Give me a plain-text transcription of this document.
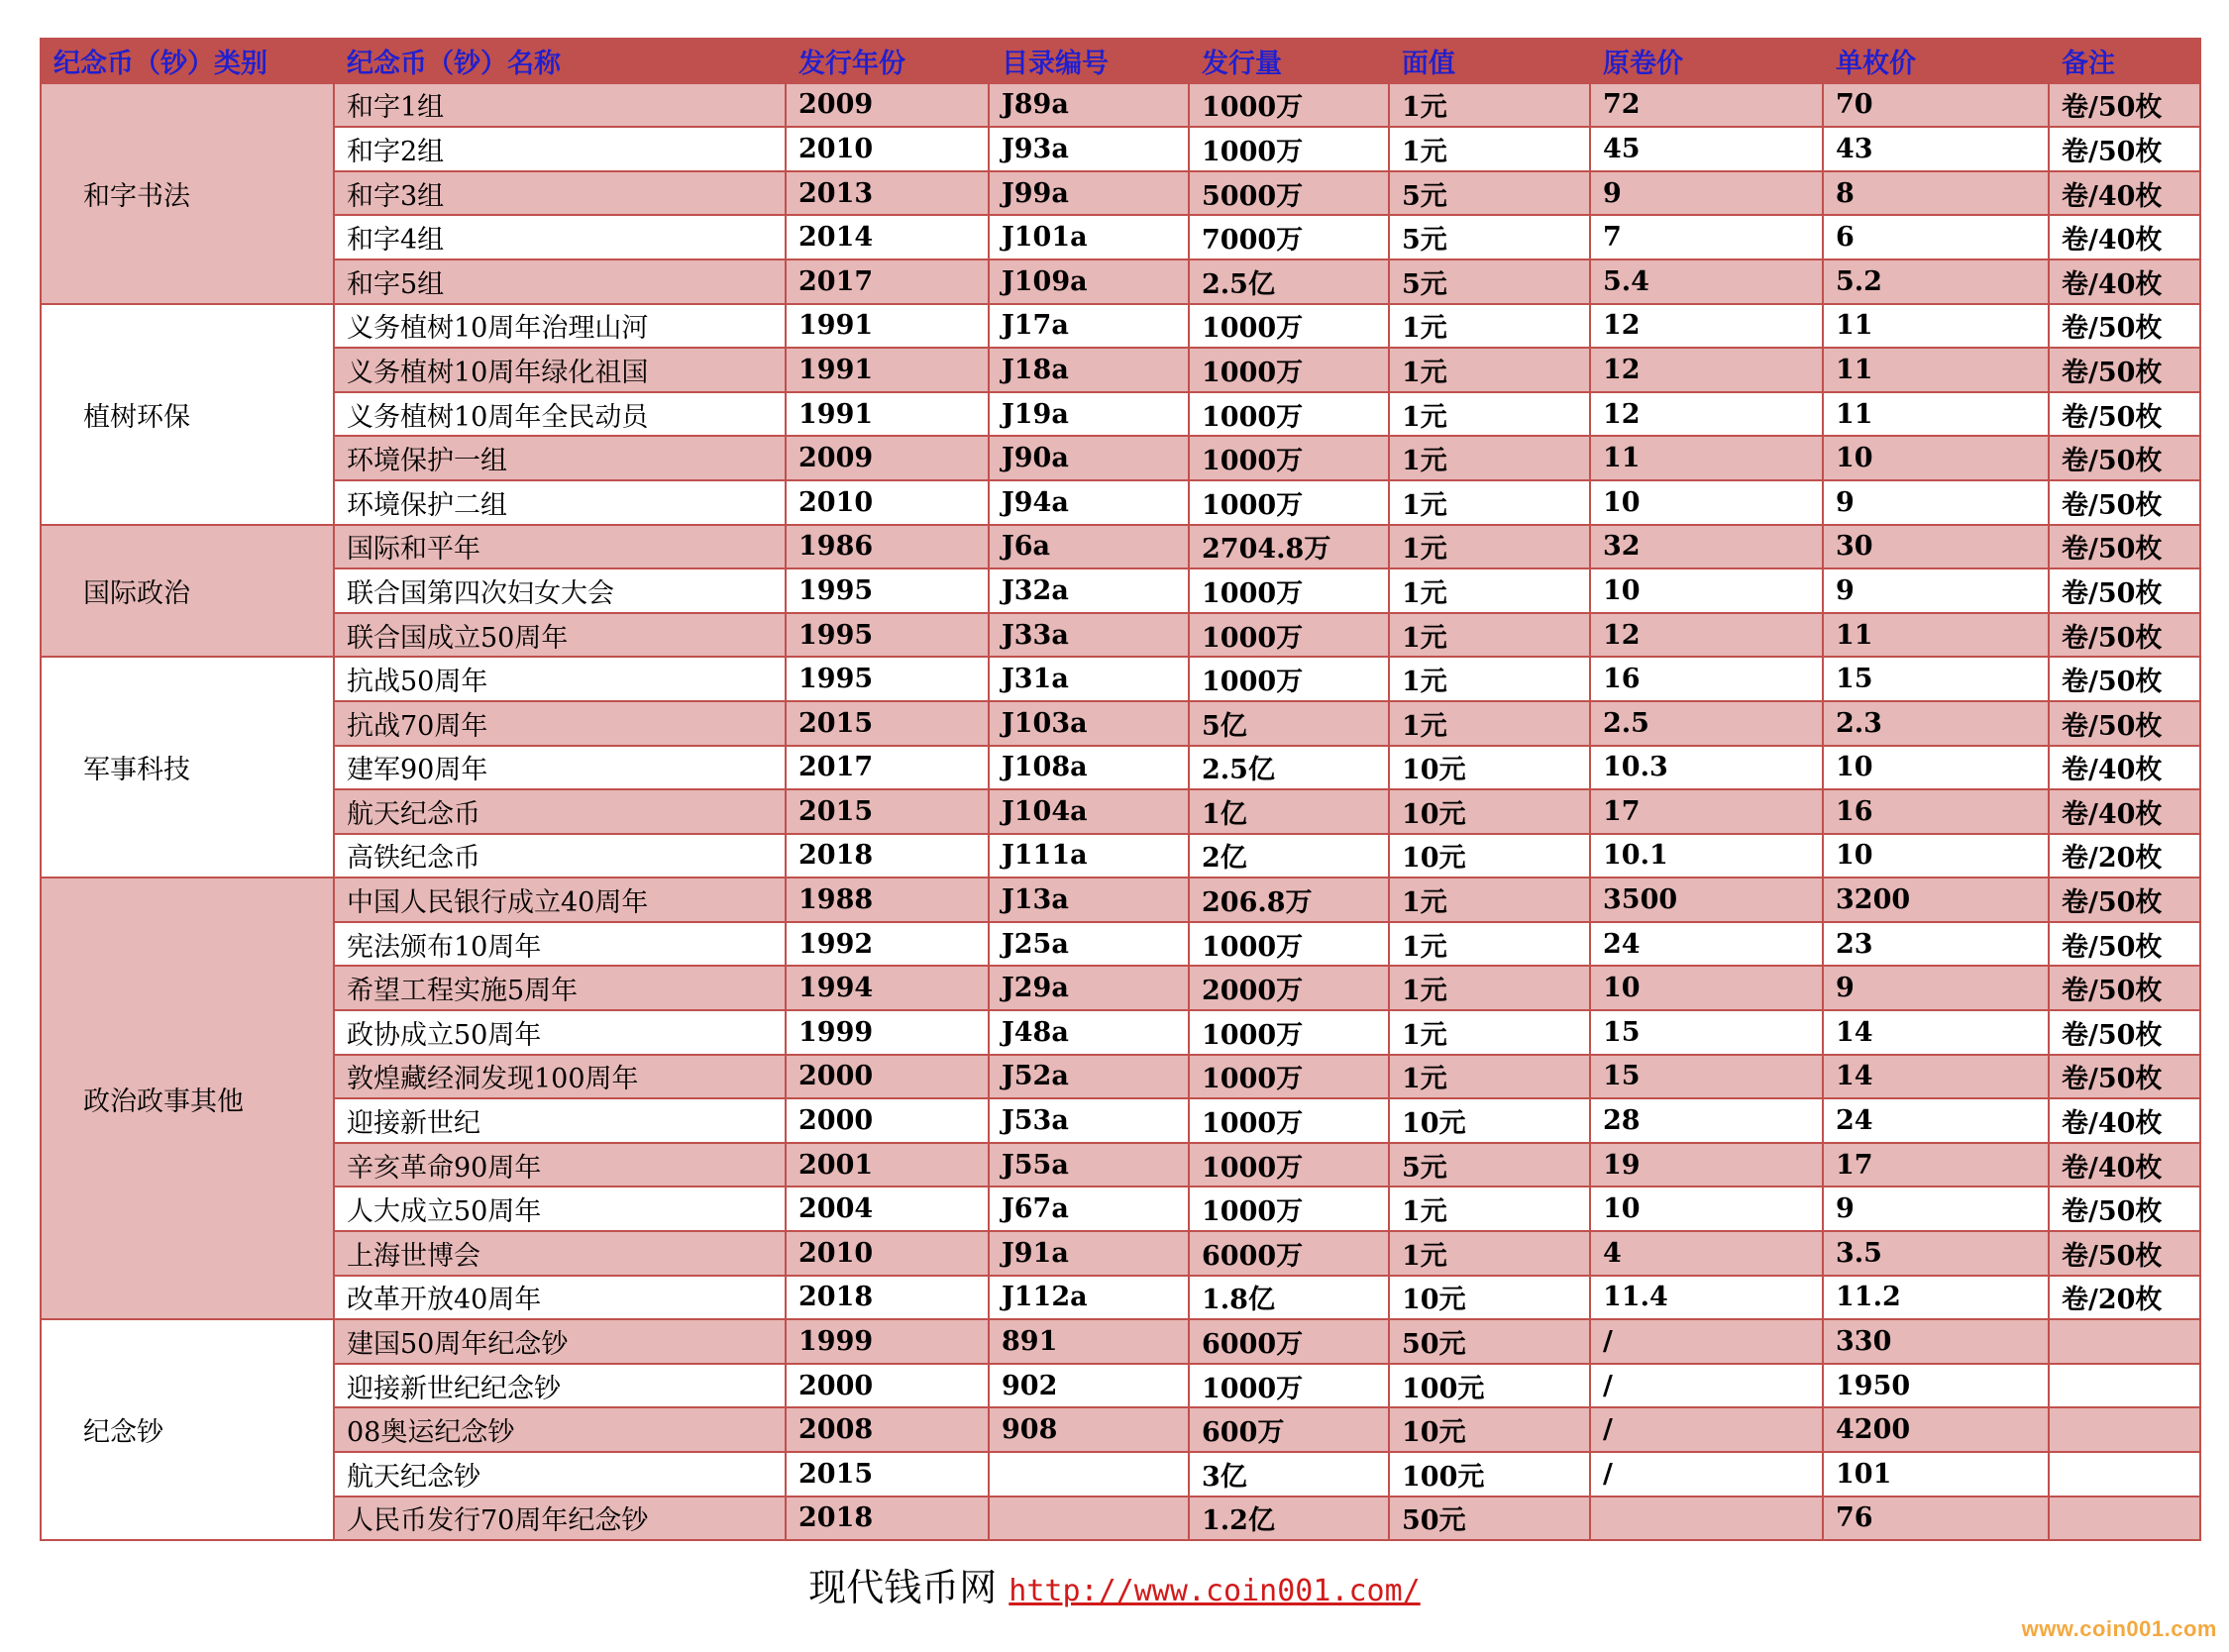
纪念币（钞）类别	纪念币（钞）名称	发行年份	目录编号	发行量	面值	原卷价	单枚价	备注
和字书法	和字1组	2009	J89a	1000万	1元	72	70	卷/50枚
	和字2组	2010	J93a	1000万	1元	45	43	卷/50枚
	和字3组	2013	J99a	5000万	5元	9	8	卷/40枚
	和字4组	2014	J101a	7000万	5元	7	6	卷/40枚
	和字5组	2017	J109a	2.5亿	5元	5.4	5.2	卷/40枚
植树环保	义务植树10周年治理山河	1991	J17a	1000万	1元	12	11	卷/50枚
	义务植树10周年绿化祖国	1991	J18a	1000万	1元	12	11	卷/50枚
	义务植树10周年全民动员	1991	J19a	1000万	1元	12	11	卷/50枚
	环境保护一组	2009	J90a	1000万	1元	11	10	卷/50枚
	环境保护二组	2010	J94a	1000万	1元	10	9	卷/50枚
国际政治	国际和平年	1986	J6a	2704.8万	1元	32	30	卷/50枚
	联合国第四次妇女大会	1995	J32a	1000万	1元	10	9	卷/50枚
	联合国成立50周年	1995	J33a	1000万	1元	12	11	卷/50枚
军事科技	抗战50周年	1995	J31a	1000万	1元	16	15	卷/50枚
	抗战70周年	2015	J103a	5亿	1元	2.5	2.3	卷/50枚
	建军90周年	2017	J108a	2.5亿	10元	10.3	10	卷/40枚
	航天纪念币	2015	J104a	1亿	10元	17	16	卷/40枚
	高铁纪念币	2018	J111a	2亿	10元	10.1	10	卷/20枚
政治政事其他	中国人民银行成立40周年	1988	J13a	206.8万	1元	3500	3200	卷/50枚
	宪法颁布10周年	1992	J25a	1000万	1元	24	23	卷/50枚
	希望工程实施5周年	1994	J29a	2000万	1元	10	9	卷/50枚
	政协成立50周年	1999	J48a	1000万	1元	15	14	卷/50枚
	敦煌藏经洞发现100周年	2000	J52a	1000万	1元	15	14	卷/50枚
	迎接新世纪	2000	J53a	1000万	10元	28	24	卷/40枚
	辛亥革命90周年	2001	J55a	1000万	5元	19	17	卷/40枚
	人大成立50周年	2004	J67a	1000万	1元	10	9	卷/50枚
	上海世博会	2010	J91a	6000万	1元	4	3.5	卷/50枚
	改革开放40周年	2018	J112a	1.8亿	10元	11.4	11.2	卷/20枚
纪念钞	建国50周年纪念钞	1999	891	6000万	50元	/	330	
	迎接新世纪纪念钞	2000	902	1000万	100元	/	1950	
	08奥运纪念钞	2008	908	600万	10元	/	4200	
	航天纪念钞	2015		3亿	100元	/	101	
	人民币发行70周年纪念钞	2018		1.2亿	50元		76	
现代钱币网 http://www.coin001.com/
www.coin001.com
